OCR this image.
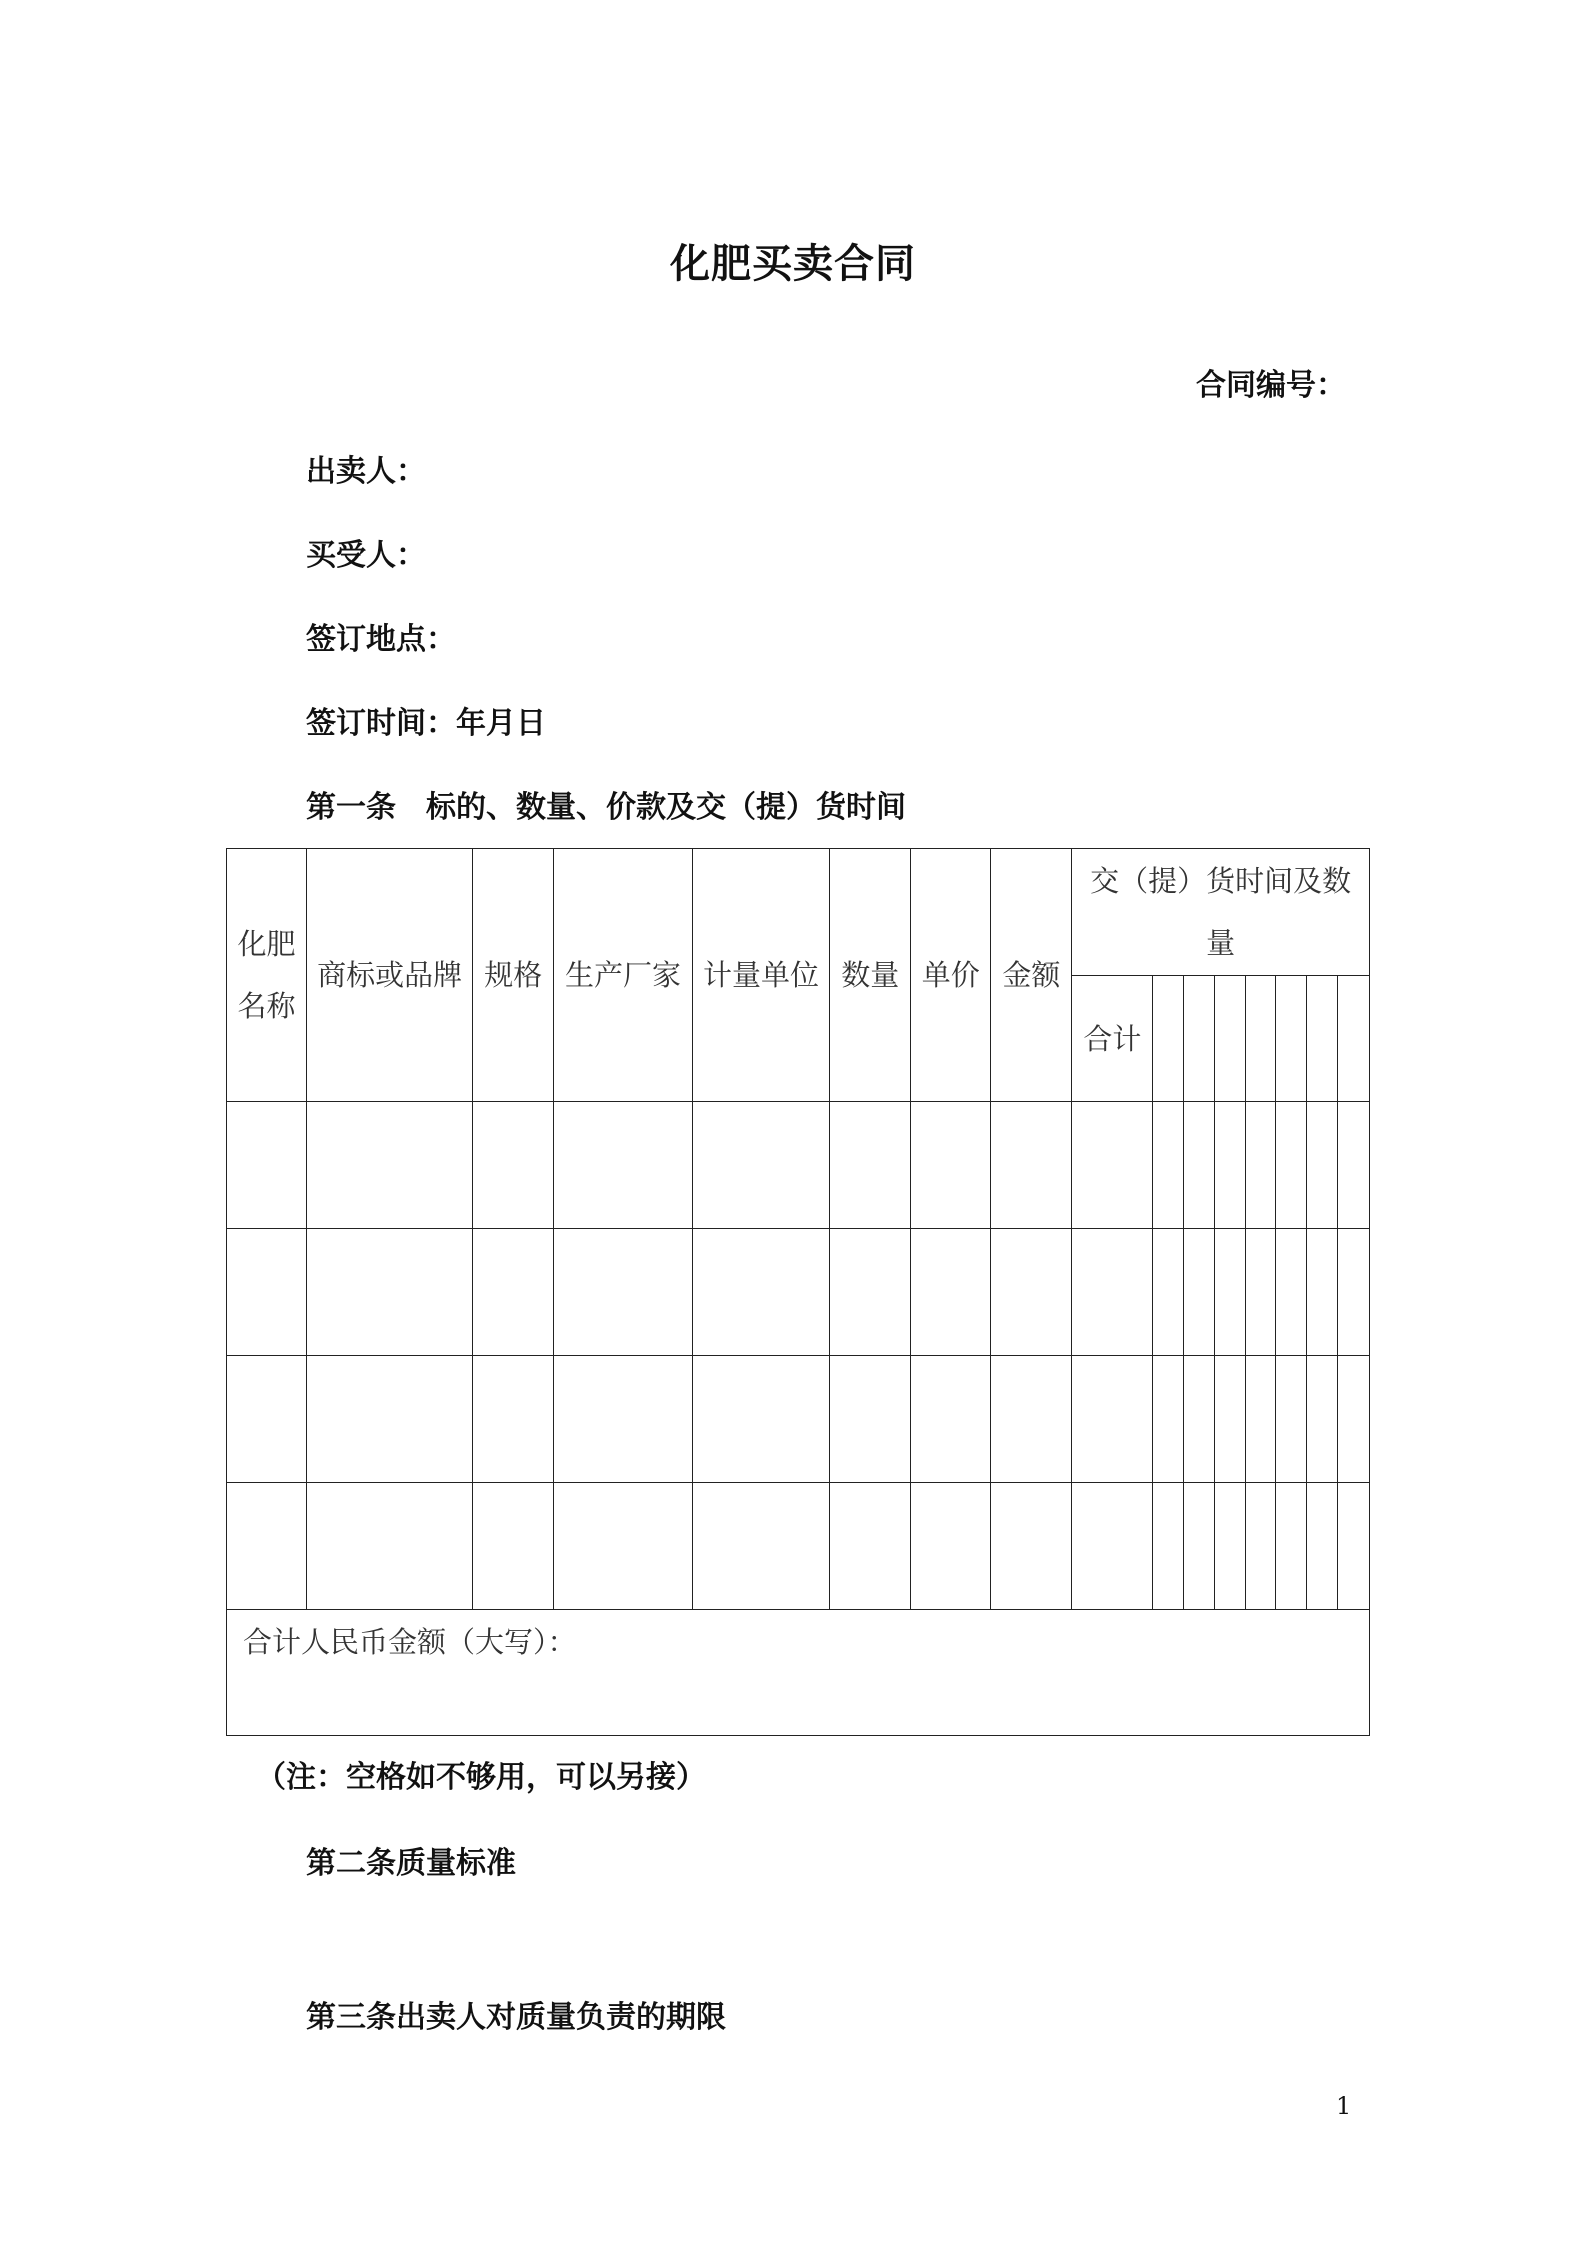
化肥买卖合同
合同编号：
出卖人：
买受人：
签订地点：
签订时间：年月日
第一条　标的、数量、价款及交（提）货时间
化肥名称	商标或品牌	规格	生产厂家	计量单位	数量	单价	金额	交（提）货时间及数量							

								合计							

合计人民币金额（大写）：															
（注：空格如不够用，可以另接）
第二条质量标准
第三条出卖人对质量负责的期限
1
